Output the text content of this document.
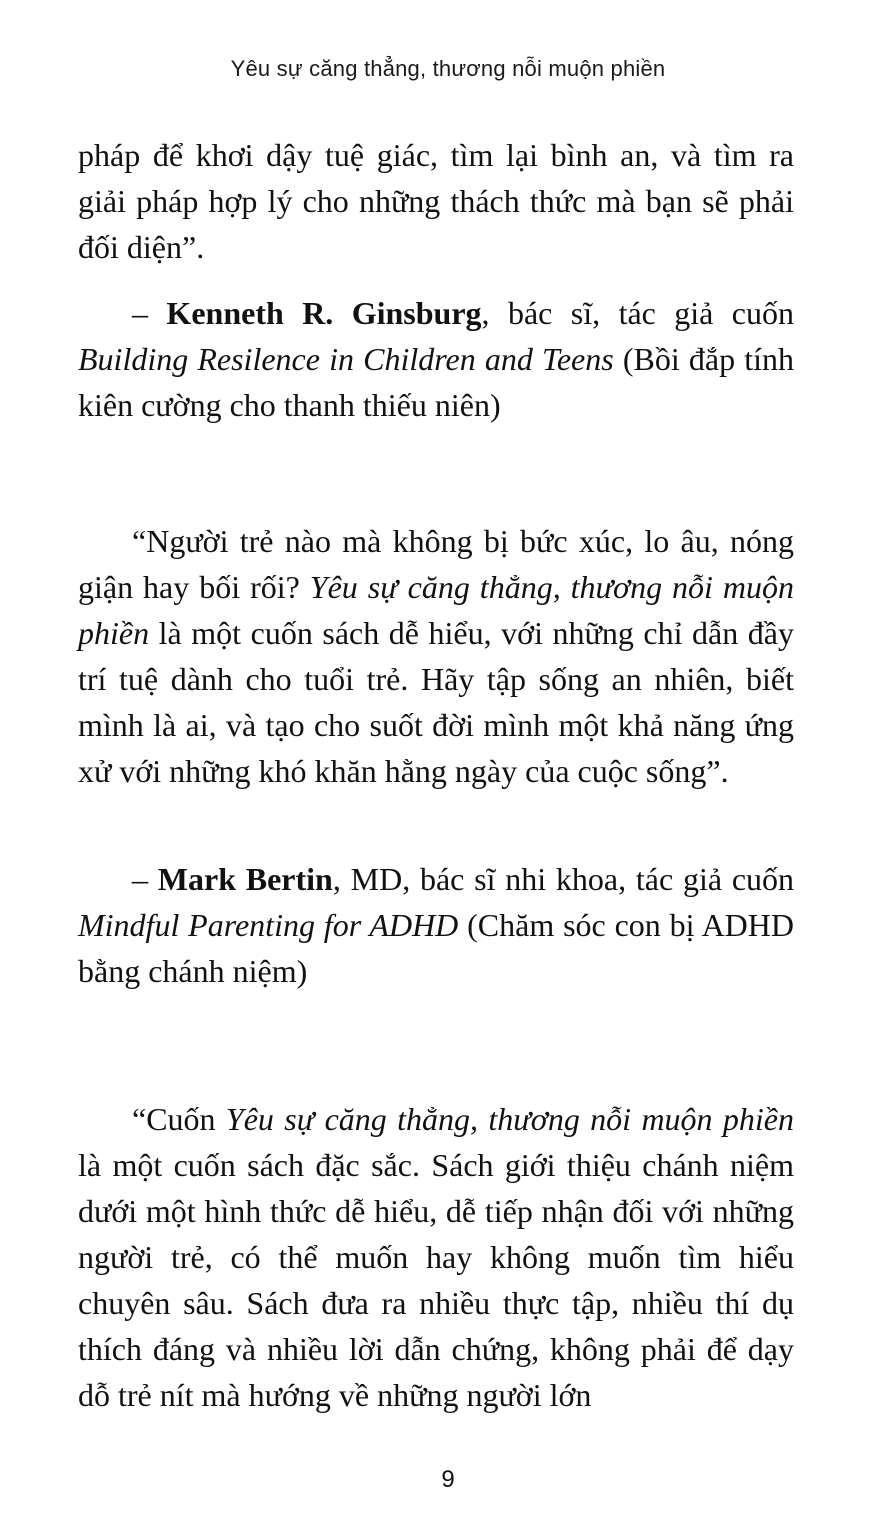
Yêu sự căng thẳng, thương nỗi muộn phiền

pháp để khơi dậy tuệ giác, tìm lại bình an, và tìm ra giải pháp hợp lý cho những thách thức mà bạn sẽ phải đối diện”.

– Kenneth R. Ginsburg, bác sĩ, tác giả cuốn Building Resilence in Children and Teens (Bồi đắp tính kiên cường cho thanh thiếu niên)

“Người trẻ nào mà không bị bức xúc, lo âu, nóng giận hay bối rối? Yêu sự căng thẳng, thương nỗi muộn phiền là một cuốn sách dễ hiểu, với những chỉ dẫn đầy trí tuệ dành cho tuổi trẻ. Hãy tập sống an nhiên, biết mình là ai, và tạo cho suốt đời mình một khả năng ứng xử với những khó khăn hằng ngày của cuộc sống”.

– Mark Bertin, MD, bác sĩ nhi khoa, tác giả cuốn Mindful Parenting for ADHD (Chăm sóc con bị ADHD bằng chánh niệm)

“Cuốn Yêu sự căng thẳng, thương nỗi muộn phiền là một cuốn sách đặc sắc. Sách giới thiệu chánh niệm dưới một hình thức dễ hiểu, dễ tiếp nhận đối với những người trẻ, có thể muốn hay không muốn tìm hiểu chuyên sâu. Sách đưa ra nhiều thực tập, nhiều thí dụ thích đáng và nhiều lời dẫn chứng, không phải để dạy dỗ trẻ nít mà hướng về những người lớn

9
